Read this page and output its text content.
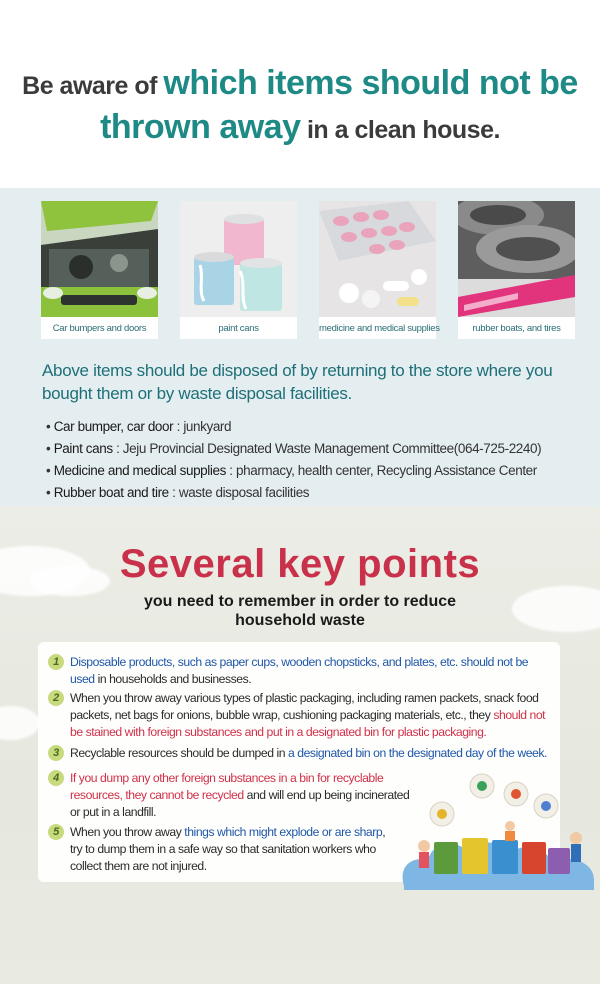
Be aware of which items should not be
thrown away in a clean house.
Car bumpers and doors	paint cans	medicine and medical supplies	rubber boats, and tires
Above items should be disposed of by returning to the store where you bought them or by waste disposal facilities.
• Car bumper, car door : junkyard
• Paint cans : Jeju Provincial Designated Waste Management Committee(064-725-2240)
• Medicine and medical supplies : pharmacy, health center, Recycling Assistance Center
• Rubber boat and tire : waste disposal facilities
Several key points
you need to remember in order to reduce
household waste
1 Disposable products, such as paper cups, wooden chopsticks, and plates, etc. should not be used in households and businesses.
2 When you throw away various types of plastic packaging, including ramen packets, snack food packets, net bags for onions, bubble wrap, cushioning packaging materials, etc., they should not be stained with foreign substances and put in a designated bin for plastic packaging.
3 Recyclable resources should be dumped in a designated bin on the designated day of the week.
4 If you dump any other foreign substances in a bin for recyclable resources, they cannot be recycled and will end up being incinerated or put in a landfill.
5 When you throw away things which might explode or are sharp, try to dump them in a safe way so that sanitation workers who collect them are not injured.
